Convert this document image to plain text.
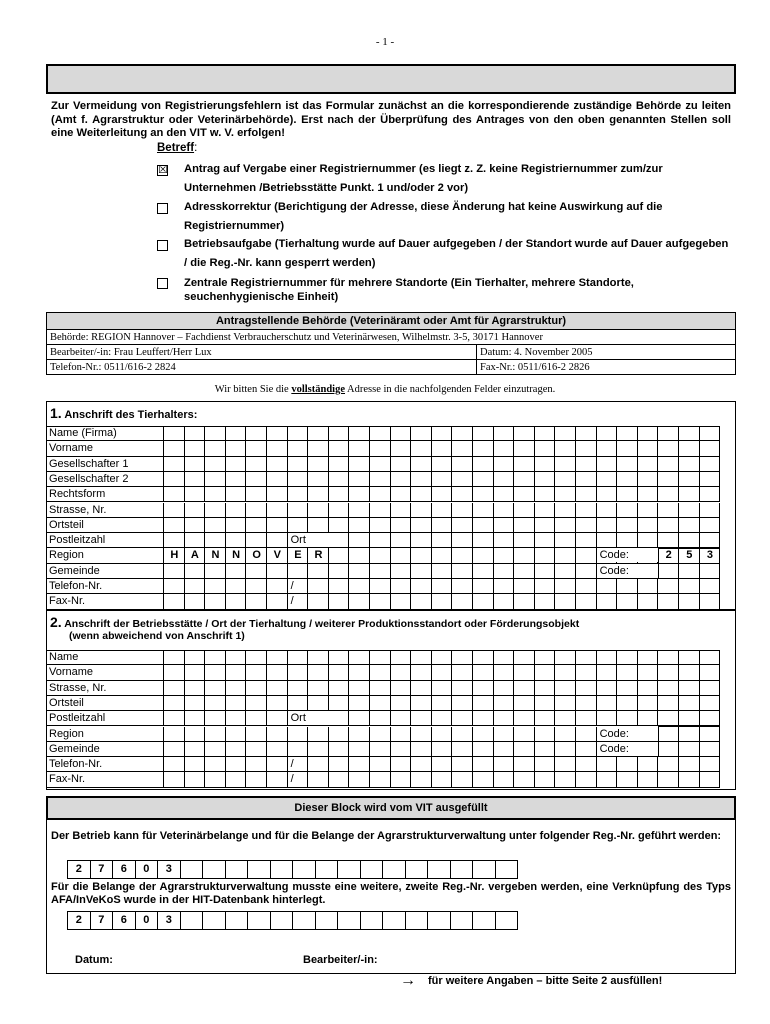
- 1 -
Zur Vermeidung von Registrierungsfehlern ist das Formular zunächst an die korrespondierende zuständige Behörde zu leiten (Amt f. Agrarstruktur oder Veterinärbehörde). Erst nach der Überprüfung des Antrages von den oben genannten Stellen soll eine Weiterleitung an den VIT w. V. erfolgen!
Betreff:
☒ Antrag auf Vergabe einer Registriernummer (es liegt z. Z. keine Registriernummer zum/zur Unternehmen /Betriebsstätte Punkt. 1 und/oder 2 vor)
Adresskorrektur (Berichtigung der Adresse, diese Änderung hat keine Auswirkung auf die Registriernummer)
Betriebsaufgabe (Tierhaltung wurde auf Dauer aufgegeben / der Standort wurde auf Dauer aufgegeben / die Reg.-Nr. kann gesperrt werden)
Zentrale Registriernummer für mehrere Standorte (Ein Tierhalter, mehrere Standorte, seuchenhygienische Einheit)
Antragstellende Behörde (Veterinäramt oder Amt für Agrarstruktur)	
Behörde: REGION Hannover – Fachdienst Verbraucherschutz und Veterinärwesen, Wilhelmstr. 3-5, 30171 Hannover	
Bearbeiter/-in: Frau Leuffert/Herr Lux	Datum: 4. November 2005
Telefon-Nr.: 0511/616-2 2824	Fax-Nr.: 0511/616-2 2826
Wir bitten Sie die vollständige Adresse in die nachfolgenden Felder einzutragen.
1. Anschrift des Tierhalters:
Name (Firma)
Vorname
Gesellschafter 1
Gesellschafter 2
Rechtsform
Strasse, Nr.
Ortsteil
Postleitzahl	Ort
Region	H	A	N	N	O	V	E	R	Code:	2	5	3
Gemeinde	Code:
Telefon-Nr.	/
Fax-Nr.	/
2. Anschrift der Betriebsstätte / Ort der Tierhaltung / weiterer Produktionsstandort oder Förderungsobjekt
(wenn abweichend von Anschrift 1)
Name
Vorname
Strasse, Nr.
Ortsteil
Postleitzahl	Ort
Region	Code:
Gemeinde	Code:
Telefon-Nr.	/
Fax-Nr.	/
Dieser Block wird vom VIT ausgefüllt
Der Betrieb kann für Veterinärbelange und für die Belange der Agrarstrukturverwaltung unter folgender Reg.-Nr. geführt werden:
2	7	6	0	3
Für die Belange der Agrarstrukturverwaltung musste eine weitere, zweite Reg.-Nr. vergeben werden, eine Verknüpfung des Typs AFA/InVeKoS wurde in der HIT-Datenbank hinterlegt.
2	7	6	0	3
Datum:	Bearbeiter/-in:
→ für weitere Angaben – bitte Seite 2 ausfüllen!
